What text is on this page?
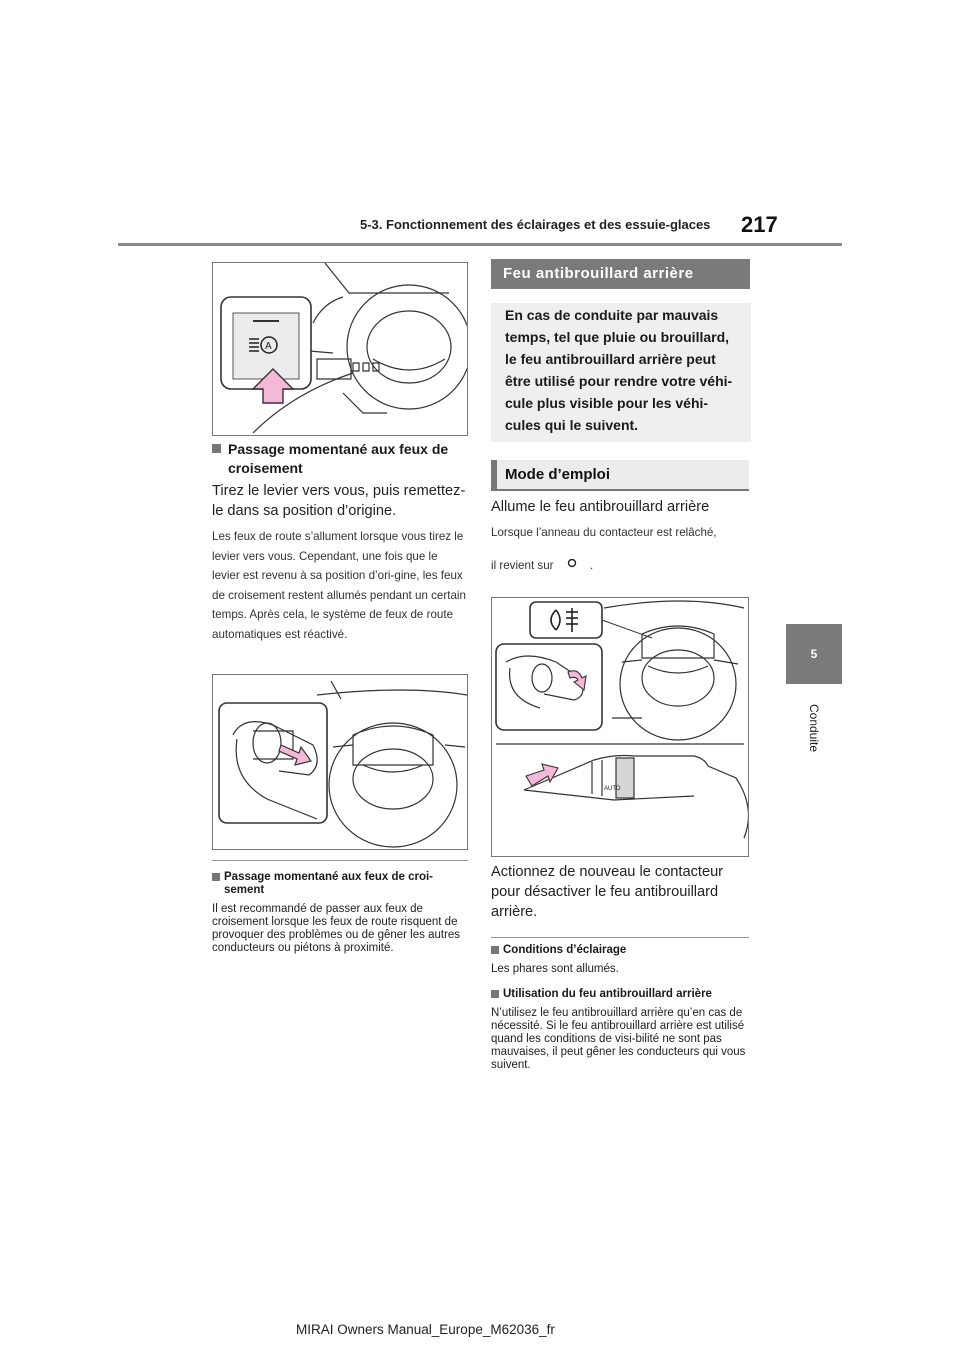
5-3. Fonctionnement des éclairages et des essuie-glaces 217
5
Conduite
A
Passage momentané aux feux de croisement
Tirez le levier vers vous, puis remettez-le dans sa position d’origine.
Les feux de route s’allument lorsque vous tirez le levier vers vous. Cependant, une fois que le levier est revenu à sa position d’ori-gine, les feux de croisement restent allumés pendant un certain temps. Après cela, le système de feux de route automatiques est réactivé.
Passage momentané aux feux de croi-sement
Il est recommandé de passer aux feux de croisement lorsque les feux de route risquent de provoquer des problèmes ou de gêner les autres conducteurs ou piétons à proximité.
Feu antibrouillard arrière
En cas de conduite par mauvais temps, tel que pluie ou brouillard, le feu antibrouillard arrière peut être utilisé pour rendre votre véhi-cule plus visible pour les véhi-cules qui le suivent.
Mode d’emploi
Allume le feu antibrouillard arrière
Lorsque l’anneau du contacteur est relâché,
il revient sur	.
AUTO
Actionnez de nouveau le contacteur pour désactiver le feu antibrouillard arrière.
Conditions d’éclairage
Les phares sont allumés.
Utilisation du feu antibrouillard arrière
N’utilisez le feu antibrouillard arrière qu’en cas de nécessité. Si le feu antibrouillard arrière est utilisé quand les conditions de visi-bilité ne sont pas mauvaises, il peut gêner les conducteurs qui vous suivent.
MIRAI Owners Manual_Europe_M62036_fr
